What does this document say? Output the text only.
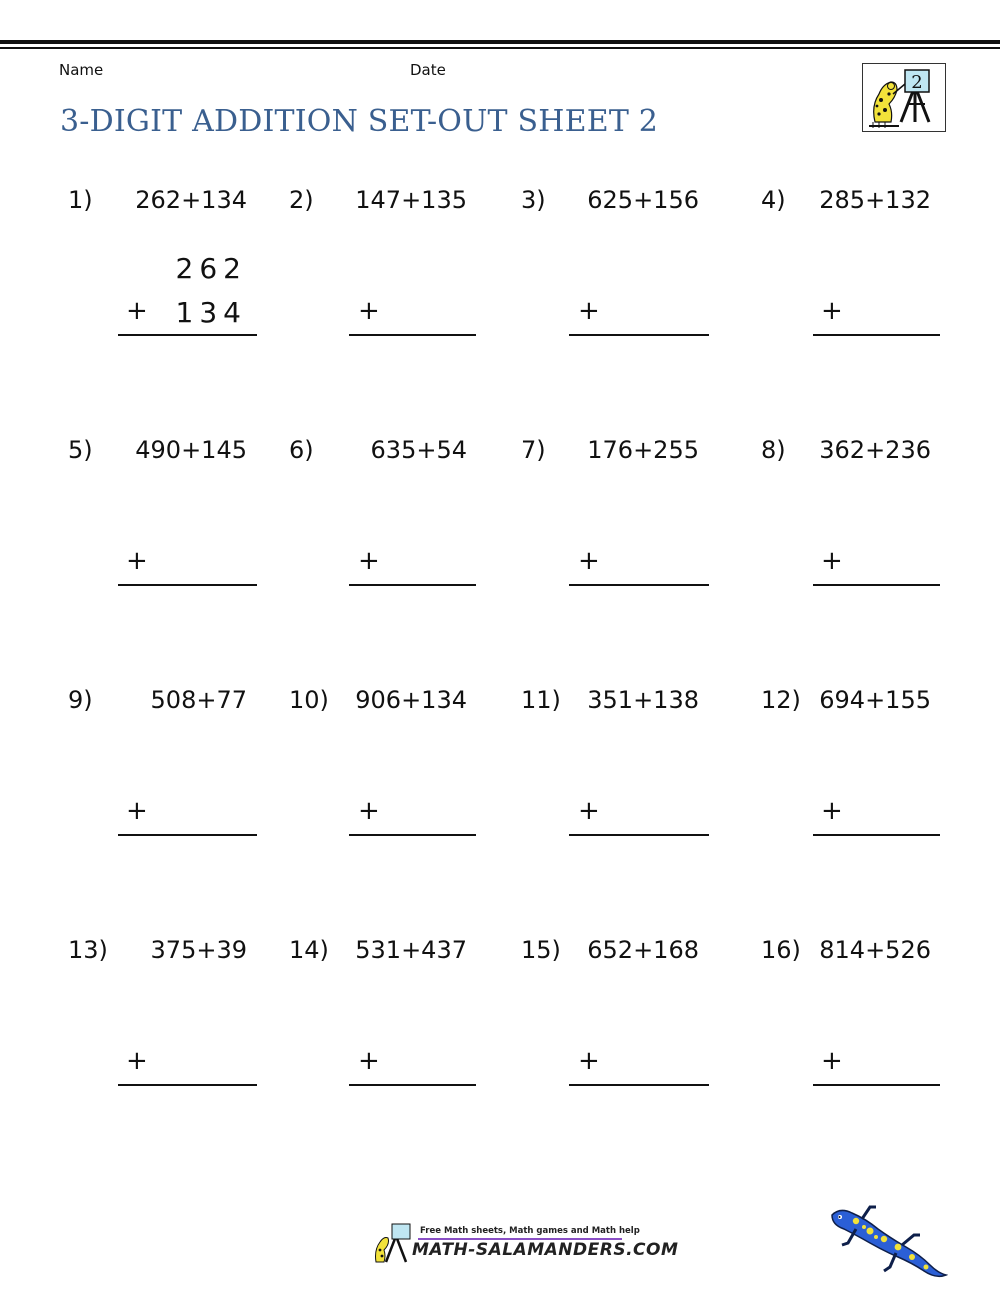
Name	Date
3-DIGIT ADDITION SET-OUT SHEET 2
2
1) 262+134
262
+ 134
2) 147+135
+
3) 625+156
+
4) 285+132
+
5) 490+145
+
6) 635+54
+
7) 176+255
+
8) 362+236
+
9) 508+77
+
10) 906+134
+
11) 351+138
+
12) 694+155
+
13) 375+39
+
14) 531+437
+
15) 652+168
+
16) 814+526
+
Free Math sheets, Math games and Math help
MATH-SALAMANDERS.COM
